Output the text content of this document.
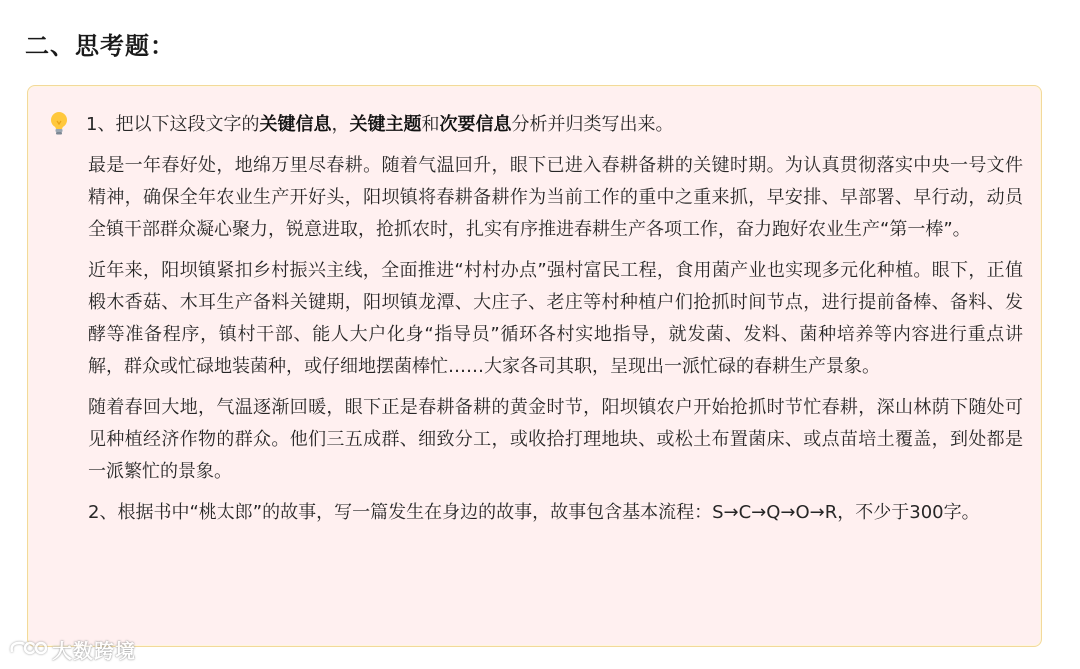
二、思考题：

1、把以下这段文字的关键信息，关键主题和次要信息分析并归类写出来。

最是一年春好处，地绵万里尽春耕。随着气温回升，眼下已进入春耕备耕的关键时期。为认真贯彻落实中央一号文件精神，确保全年农业生产开好头，阳坝镇将春耕备耕作为当前工作的重中之重来抓，早安排、早部署、早行动，动员全镇干部群众凝心聚力，锐意进取，抢抓农时，扎实有序推进春耕生产各项工作，奋力跑好农业生产“第一棒”。

近年来，阳坝镇紧扣乡村振兴主线，全面推进“村村办点”强村富民工程，食用菌产业也实现多元化种植。眼下，正值椴木香菇、木耳生产备料关键期，阳坝镇龙潭、大庄子、老庄等村种植户们抢抓时间节点，进行提前备棒、备料、发酵等准备程序，镇村干部、能人大户化身“指导员”循环各村实地指导，就发菌、发料、菌种培养等内容进行重点讲解，群众或忙碌地装菌种，或仔细地摆菌棒忙……大家各司其职，呈现出一派忙碌的春耕生产景象。

随着春回大地，气温逐渐回暖，眼下正是春耕备耕的黄金时节，阳坝镇农户开始抢抓时节忙春耕，深山林荫下随处可见种植经济作物的群众。他们三五成群、细致分工，或收拾打理地块、或松土布置菌床、或点苗培土覆盖，到处都是一派繁忙的景象。

2、根据书中“桃太郎”的故事，写一篇发生在身边的故事，故事包含基本流程：S→C→Q→O→R，不少于300字。

大数跨境
